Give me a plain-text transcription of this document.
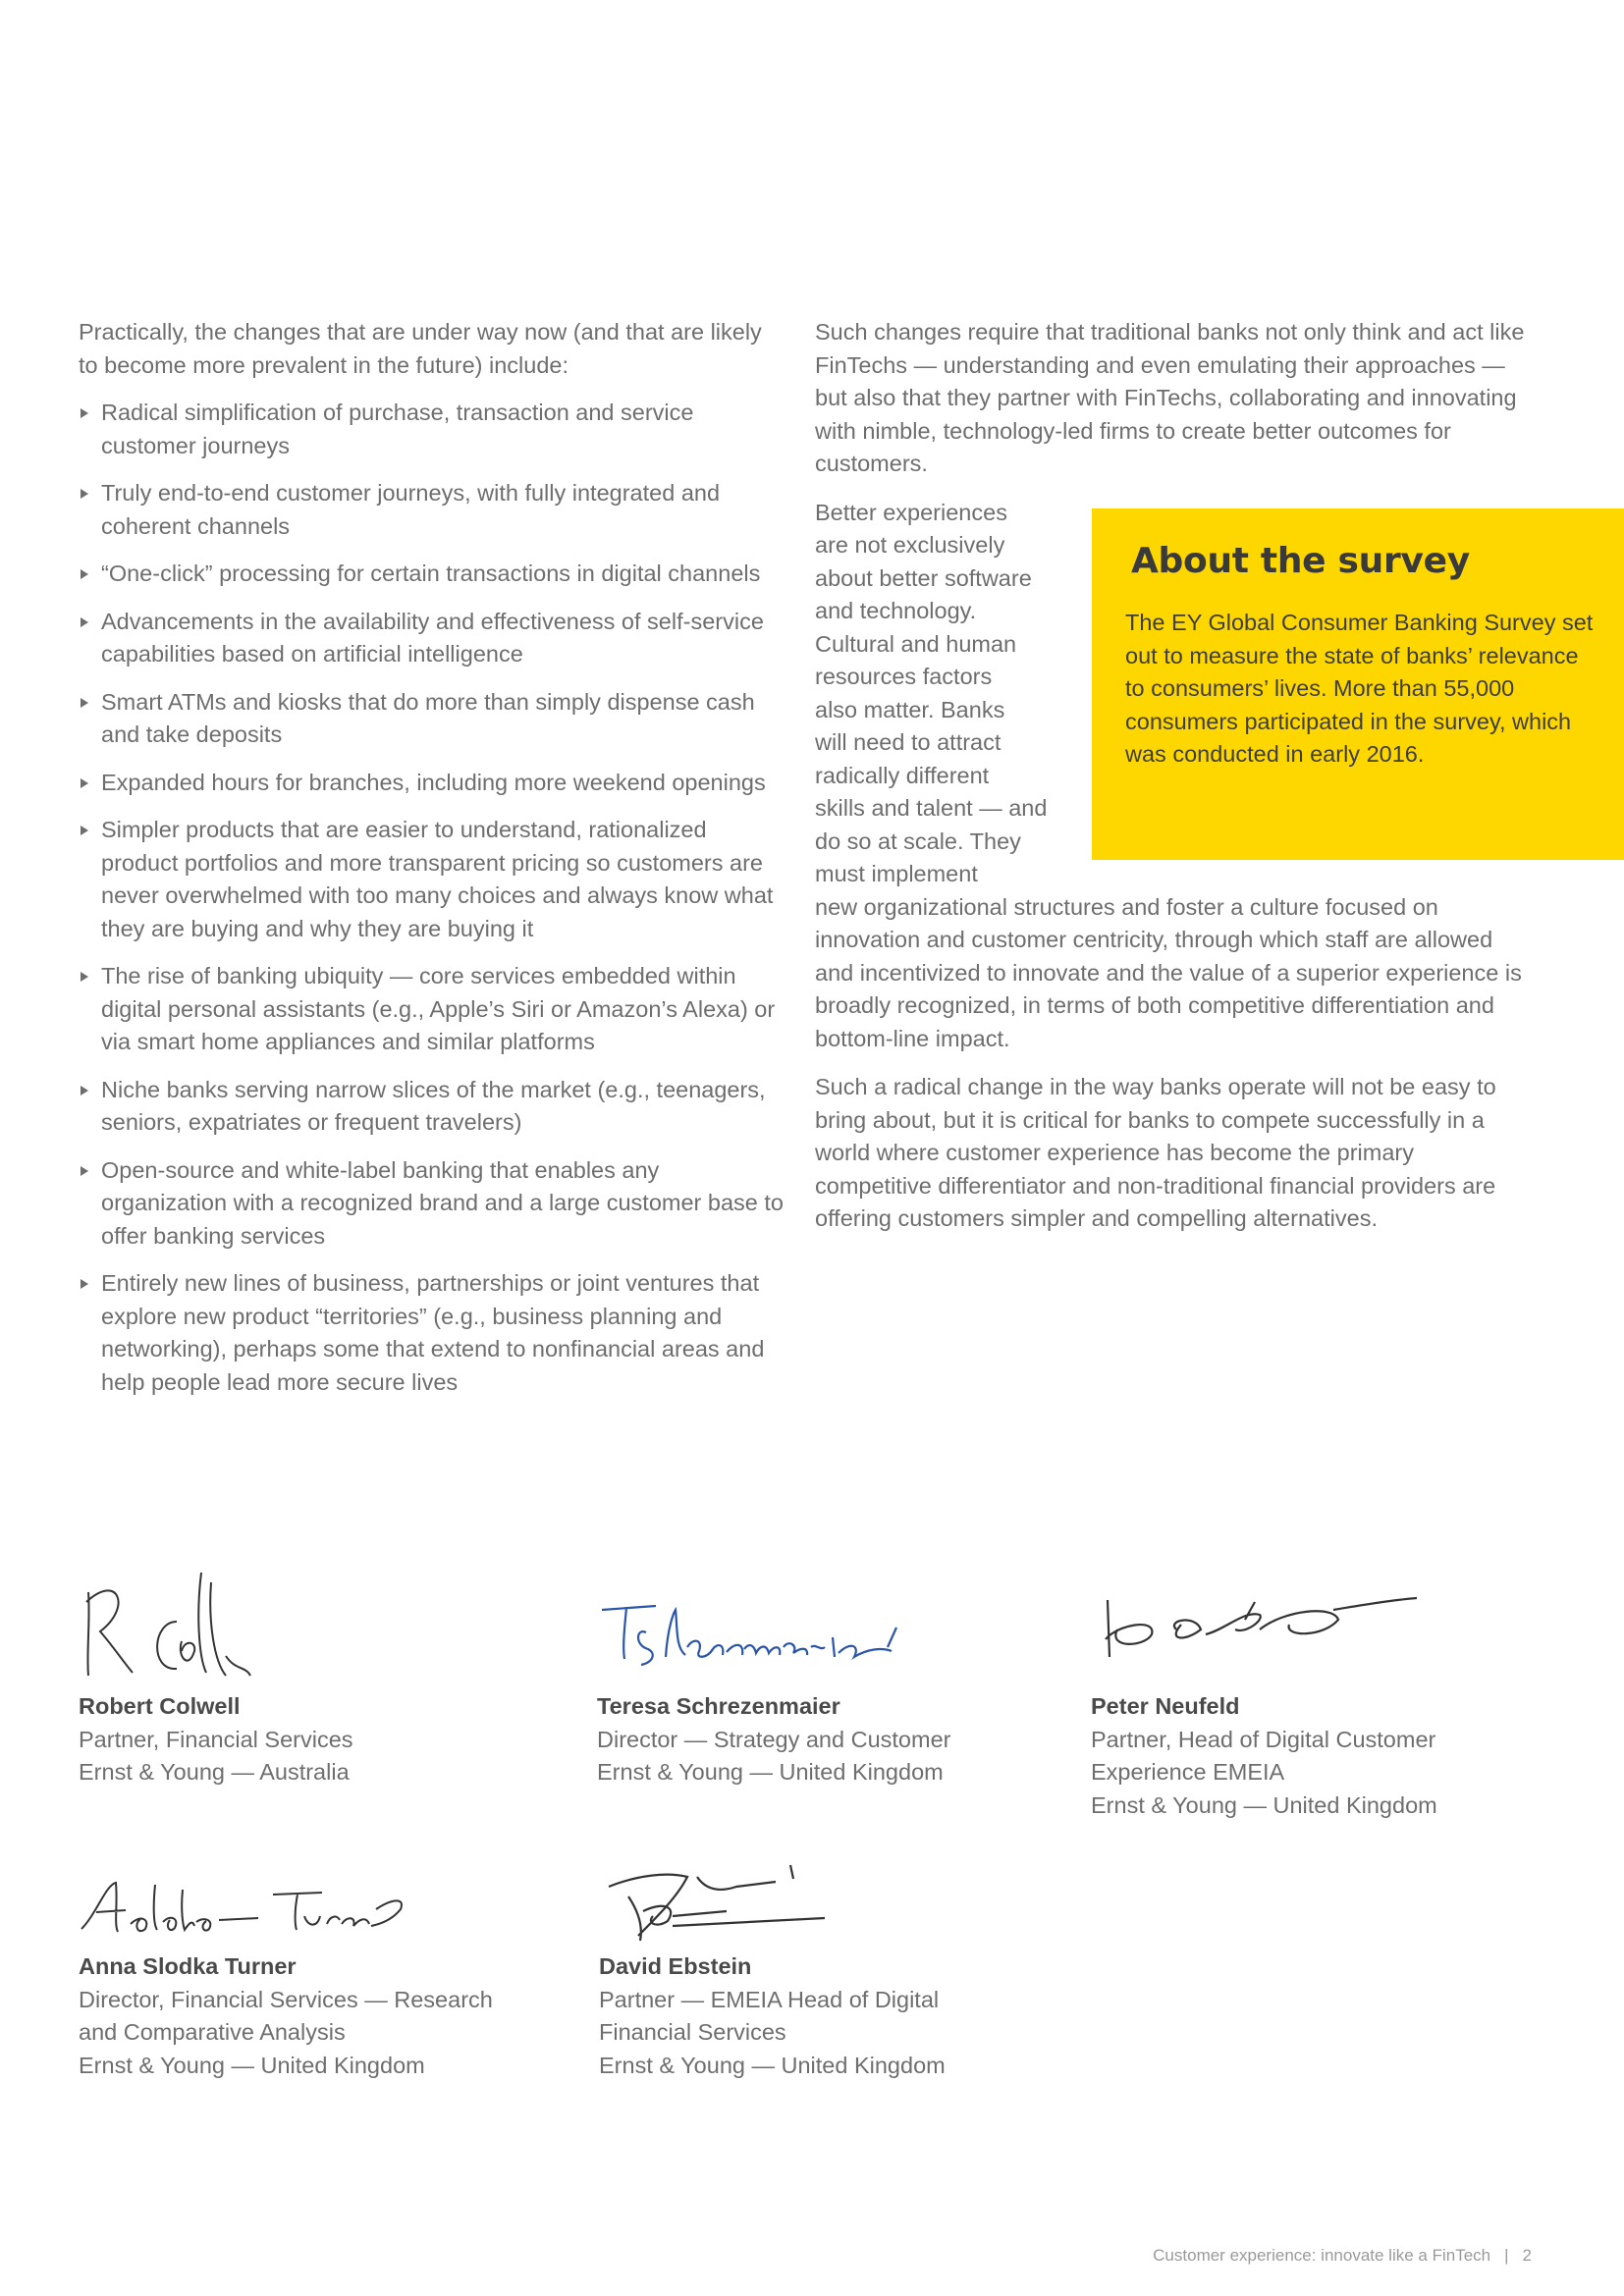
Practically, the changes that are under way now (and that are likely to become more prevalent in the future) include:

Radical simplification of purchase, transaction and service customer journeys
Truly end-to-end customer journeys, with fully integrated and coherent channels
“One-click” processing for certain transactions in digital channels
Advancements in the availability and effectiveness of self-service capabilities based on artificial intelligence
Smart ATMs and kiosks that do more than simply dispense cash and take deposits
Expanded hours for branches, including more weekend openings
Simpler products that are easier to understand, rationalized product portfolios and more transparent pricing so customers are never overwhelmed with too many choices and always know what they are buying and why they are buying it
The rise of banking ubiquity — core services embedded within digital personal assistants (e.g., Apple’s Siri or Amazon’s Alexa) or via smart home appliances and similar platforms
Niche banks serving narrow slices of the market (e.g., teenagers, seniors, expatriates or frequent travelers)
Open-source and white-label banking that enables any organization with a recognized brand and a large customer base to offer banking services
Entirely new lines of business, partnerships or joint ventures that explore new product “territories” (e.g., business planning and networking), perhaps some that extend to nonfinancial areas and help people lead more secure lives

Such changes require that traditional banks not only think and act like FinTechs — understanding and even emulating their approaches — but also that they partner with FinTechs, collaborating and innovating with nimble, technology-led firms to create better outcomes for customers.

Better experiences
are not exclusively
about better software
and technology.
Cultural and human
resources factors
also matter. Banks
will need to attract
radically different
skills and talent — and
do so at scale. They
must implement
new organizational structures and foster a culture focused on innovation and customer centricity, through which staff are allowed and incentivized to innovate and the value of a superior experience is broadly recognized, in terms of both competitive differentiation and bottom-line impact.

Such a radical change in the way banks operate will not be easy to bring about, but it is critical for banks to compete successfully in a world where customer experience has become the primary competitive differentiator and non-traditional financial providers are offering customers simpler and compelling alternatives.

About the survey
The EY Global Consumer Banking Survey set out to measure the state of banks’ relevance to consumers’ lives. More than 55,000 consumers participated in the survey, which was conducted in early 2016.
Robert Colwell
Partner, Financial Services
Ernst & Young — Australia
Teresa Schrezenmaier
Director — Strategy and Customer
Ernst & Young — United Kingdom
Peter Neufeld
Partner, Head of Digital Customer
Experience EMEIA
Ernst & Young — United Kingdom
Anna Slodka Turner
Director, Financial Services — Research
and Comparative Analysis
Ernst & Young — United Kingdom
David Ebstein
Partner — EMEIA Head of Digital
Financial Services
Ernst & Young — United Kingdom
Customer experience: innovate like a FinTech | 2
